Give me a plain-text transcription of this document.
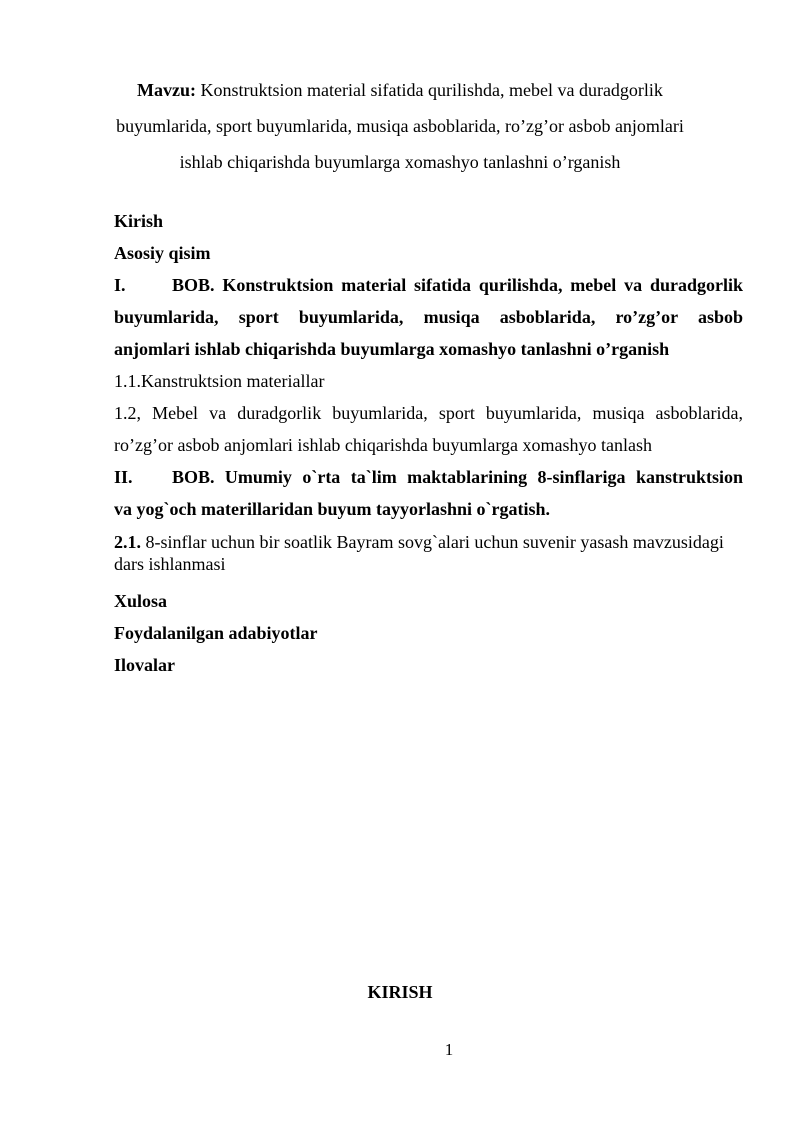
Mavzu: Konstruktsion material sifatida qurilishda, mebel va duradgorlik
buyumlarida, sport buyumlarida, musiqa asboblarida, ro’zg’or asbob anjomlari
ishlab chiqarishda buyumlarga xomashyo tanlashni o’rganish
Kirish
Asosiy qisim
I.	BOB. Konstruktsion material sifatida qurilishda, mebel va duradgorlik
buyumlarida, sport buyumlarida, musiqa asboblarida, ro’zg’or asbob
anjomlari ishlab chiqarishda buyumlarga xomashyo tanlashni o’rganish
1.1.Kanstruktsion materiallar
1.2, Mebel va duradgorlik buyumlarida, sport buyumlarida, musiqa asboblarida,
ro’zg’or asbob anjomlari ishlab chiqarishda buyumlarga xomashyo tanlash
II. BOB. Umumiy o`rta ta`lim maktablarining 8-sinflariga kanstruktsion
va yog`och materillaridan buyum tayyorlashni o`rgatish.
2.1. 8-sinflar uchun bir soatlik Bayram sovg`alari uchun suvenir yasash mavzusidagi dars ishlanmasi
Xulosa
Foydalanilgan adabiyotlar
Ilovalar
KIRISH
1
